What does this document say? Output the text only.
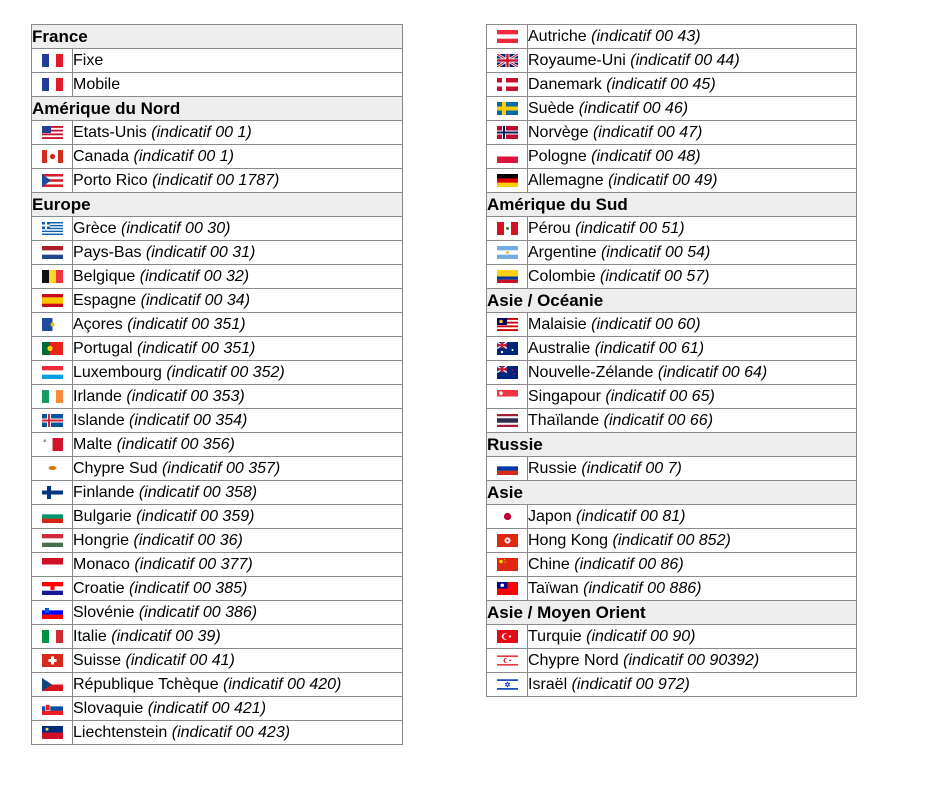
France	

	Fixe

	Mobile
Amérique du Nord	

	Etats-Unis (indicatif 00 1)

	Canada (indicatif 00 1)

	Porto Rico (indicatif 00 1787)
Europe	

	Grèce (indicatif 00 30)

	Pays-Bas (indicatif 00 31)

	Belgique (indicatif 00 32)

	Espagne (indicatif 00 34)

	Açores (indicatif 00 351)

	Portugal (indicatif 00 351)

	Luxembourg (indicatif 00 352)

	Irlande (indicatif 00 353)

	Islande (indicatif 00 354)

	Malte (indicatif 00 356)

	Chypre Sud (indicatif 00 357)

	Finlande (indicatif 00 358)

	Bulgarie (indicatif 00 359)

	Hongrie (indicatif 00 36)

	Monaco (indicatif 00 377)

	Croatie (indicatif 00 385)

	Slovénie (indicatif 00 386)

	Italie (indicatif 00 39)

	Suisse (indicatif 00 41)

	République Tchèque (indicatif 00 420)

	Slovaquie (indicatif 00 421)

	Liechtenstein (indicatif 00 423)
	Autriche (indicatif 00 43)

	Royaume-Uni (indicatif 00 44)

	Danemark (indicatif 00 45)

	Suède (indicatif 00 46)

	Norvège (indicatif 00 47)

	Pologne (indicatif 00 48)

	Allemagne (indicatif 00 49)
Amérique du Sud	

	Pérou (indicatif 00 51)

	Argentine (indicatif 00 54)

	Colombie (indicatif 00 57)
Asie / Océanie	

	Malaisie (indicatif 00 60)

	Australie (indicatif 00 61)

	Nouvelle-Zélande (indicatif 00 64)

	Singapour (indicatif 00 65)

	Thaïlande (indicatif 00 66)
Russie	

	Russie (indicatif 00 7)
Asie	

	Japon (indicatif 00 81)

	Hong Kong (indicatif 00 852)

	Chine (indicatif 00 86)

	Taïwan (indicatif 00 886)
Asie / Moyen Orient	

	Turquie (indicatif 00 90)

	Chypre Nord (indicatif 00 90392)

	Israël (indicatif 00 972)
